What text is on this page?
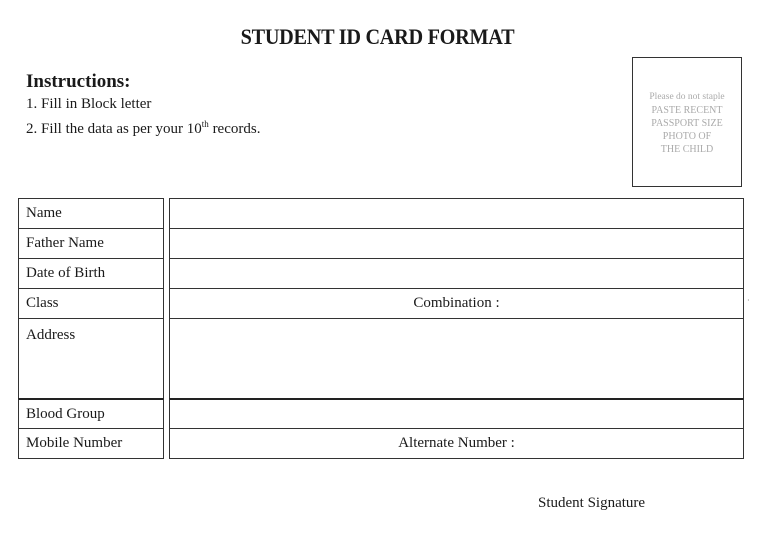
STUDENT ID CARD FORMAT
Instructions:
1. Fill in Block letter
2. Fill the data as per your 10th records.
Please do not staple
PASTE RECENT
PASSPORT SIZE
PHOTO OF
THE CHILD
Name
Father Name
Date of Birth
Class	Combination :
Address
Blood Group
Mobile Number	Alternate Number :
·
Student Signature
